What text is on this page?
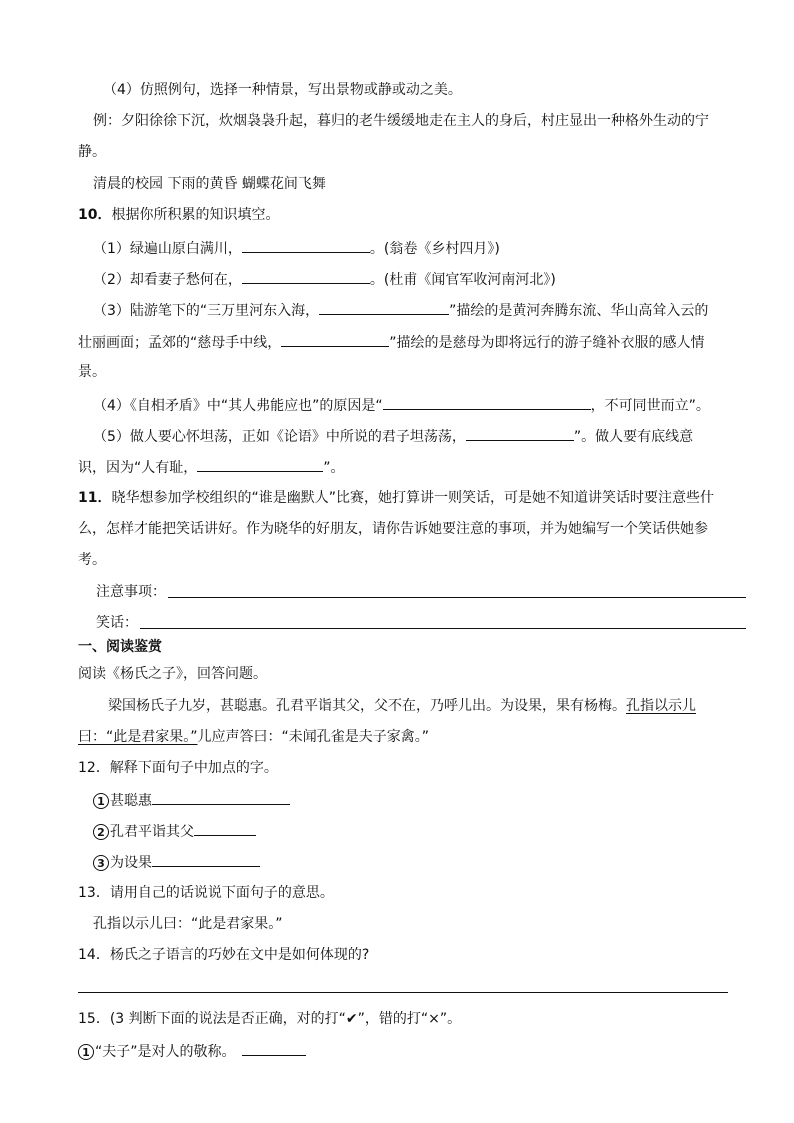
（4）仿照例句，选择一种情景，写出景物或静或动之美。
例：夕阳徐徐下沉，炊烟袅袅升起，暮归的老牛缓缓地走在主人的身后，村庄显出一种格外生动的宁
静。
清晨的校园 下雨的黄昏 蝴蝶花间飞舞
10．根据你所积累的知识填空。
（1）绿遍山原白满川，	。(翁卷《乡村四月》)
（2）却看妻子愁何在，	。(杜甫《闻官军收河南河北》)
（3）陆游笔下的“三万里河东入海，	”描绘的是黄河奔腾东流、华山高耸入云的
壮丽画面；孟郊的“慈母手中线，	”描绘的是慈母为即将远行的游子缝补衣服的感人情
景。
（4）《自相矛盾》中“其人弗能应也”的原因是“	，不可同世而立”。
（5）做人要心怀坦荡，正如《论语》中所说的君子坦荡荡，	”。做人要有底线意
识，因为“人有耻，	”。
11．晓华想参加学校组织的“谁是幽默人”比赛，她打算讲一则笑话，可是她不知道讲笑话时要注意些什
么，怎样才能把笑话讲好。作为晓华的好朋友，请你告诉她要注意的事项，并为她编写一个笑话供她参
考。
注意事项：
笑话：
一、阅读鉴赏
阅读《杨氏之子》，回答问题。
梁国杨氏子九岁，甚聪惠。孔君平诣其父，父不在，乃呼儿出。为设果，果有杨梅。孔指以示儿
曰：“此是君家果。”儿应声答曰：“未闻孔雀是夫子家禽。”
12．解释下面句子中加点的字。
1 甚聪惠
2 孔君平诣其父
3 为设果
13．请用自己的话说说下面句子的意思。
孔指以示儿曰：“此是君家果。”
14．杨氏之子语言的巧妙在文中是如何体现的?
15．(3 判断下面的说法是否正确，对的打“✔”，错的打“×”。
1 “夫子”是对人的敬称。
